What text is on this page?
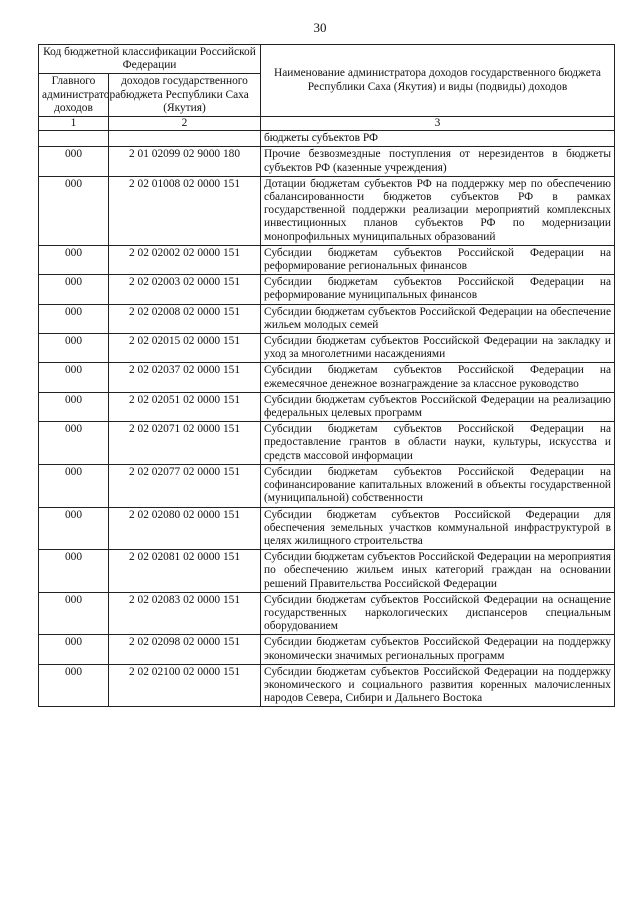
30
Код бюджетной классификации Российской Федерации		Наименование администратора доходов государственного бюджета Республики Саха (Якутия) и виды (подвиды) доходов
Главного администратора доходов	доходов государственного бюджета Республики Саха (Якутия)	
1	2	3
		бюджеты субъектов РФ
000	2 01 02099 02 9000 180	Прочие безвозмездные поступления от нерезидентов в бюджеты субъектов РФ (казенные учреждения)
000	2 02 01008 02 0000 151	Дотации бюджетам субъектов РФ на поддержку мер по обеспечению сбалансированности бюджетов субъектов РФ в рамках государственной поддержки реализации мероприятий комплексных инвестиционных планов субъектов РФ по модернизации монопрофильных муниципальных образований
000	2 02 02002 02 0000 151	Субсидии бюджетам субъектов Российской Федерации на реформирование региональных финансов
000	2 02 02003 02 0000 151	Субсидии бюджетам субъектов Российской Федерации на реформирование муниципальных финансов
000	2 02 02008 02 0000 151	Субсидии бюджетам субъектов Российской Федерации на обеспечение жильем молодых семей
000	2 02 02015 02 0000 151	Субсидии бюджетам субъектов Российской Федерации на закладку и уход за многолетними насаждениями
000	2 02 02037 02 0000 151	Субсидии бюджетам субъектов Российской Федерации на ежемесячное денежное вознаграждение за классное руководство
000	2 02 02051 02 0000 151	Субсидии бюджетам субъектов Российской Федерации на реализацию федеральных целевых программ
000	2 02 02071 02 0000 151	Субсидии бюджетам субъектов Российской Федерации на предоставление грантов в области науки, культуры, искусства и средств массовой информации
000	2 02 02077 02 0000 151	Субсидии бюджетам субъектов Российской Федерации на софинансирование капитальных вложений в объекты государственной (муниципальной) собственности
000	2 02 02080 02 0000 151	Субсидии бюджетам субъектов Российской Федерации для обеспечения земельных участков коммунальной инфраструктурой в целях жилищного строительства
000	2 02 02081 02 0000 151	Субсидии бюджетам субъектов Российской Федерации на мероприятия по обеспечению жильем иных категорий граждан на основании решений Правительства Российской Федерации
000	2 02 02083 02 0000 151	Субсидии бюджетам субъектов Российской Федерации на оснащение государственных наркологических диспансеров специальным оборудованием
000	2 02 02098 02 0000 151	Субсидии бюджетам субъектов Российской Федерации на поддержку экономически значимых региональных программ
000	2 02 02100 02 0000 151	Субсидии бюджетам субъектов Российской Федерации на поддержку экономического и социального развития коренных малочисленных народов Севера, Сибири и Дальнего Востока
